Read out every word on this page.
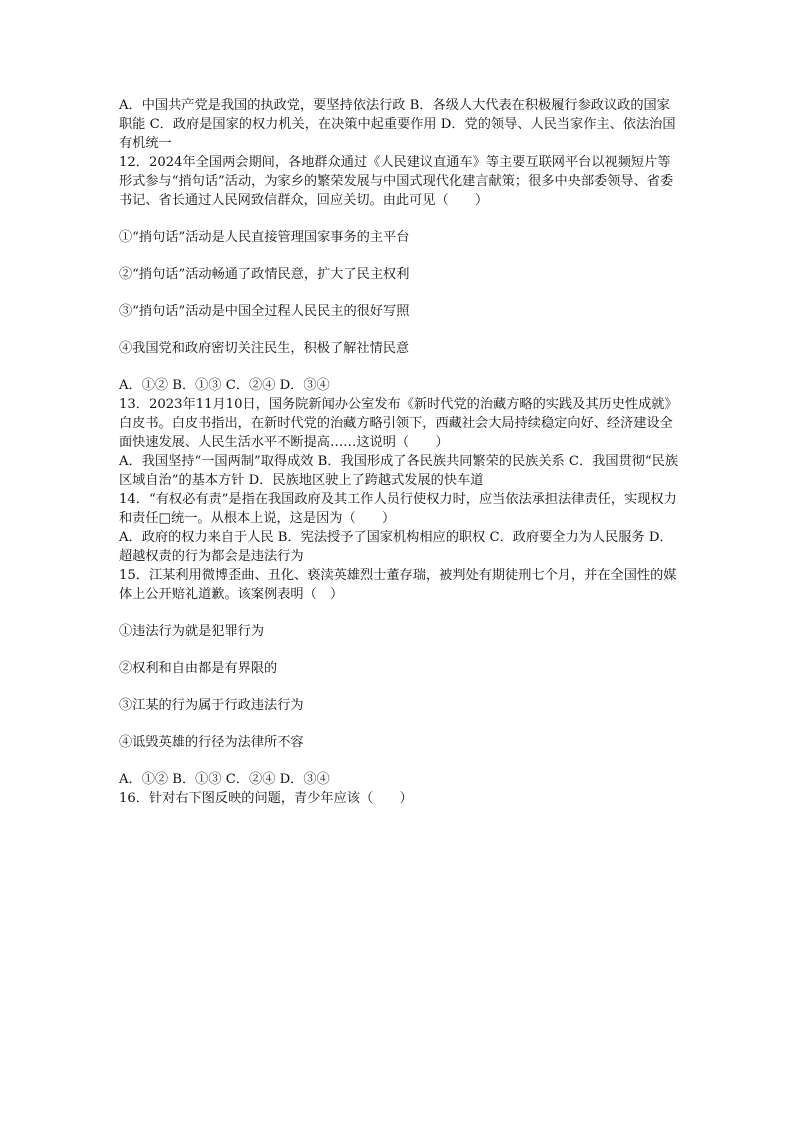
A．中国共产党是我国的执政党，要坚持依法行政 B．各级人大代表在积极履行参政议政的国家职能 C．政府是国家的权力机关，在决策中起重要作用 D．党的领导、人民当家作主、依法治国有机统一

12．2024年全国两会期间，各地群众通过《人民建议直通车》等主要互联网平台以视频短片等形式参与“捎句话”活动，为家乡的繁荣发展与中国式现代化建言献策；很多中央部委领导、省委书记、省长通过人民网致信群众，回应关切。由此可见（　　）

①“捎句话”活动是人民直接管理国家事务的主平台

②“捎句话”活动畅通了政情民意，扩大了民主权利

③“捎句话”活动是中国全过程人民民主的很好写照

④我国党和政府密切关注民生，积极了解社情民意

A．①② B．①③ C．②④ D．③④

13．2023年11月10日，国务院新闻办公室发布《新时代党的治藏方略的实践及其历史性成就》白皮书。白皮书指出，在新时代党的治藏方略引领下，西藏社会大局持续稳定向好、经济建设全面快速发展、人民生活水平不断提高……这说明（　　）

A．我国坚持“一国两制”取得成效 B．我国形成了各民族共同繁荣的民族关系 C．我国贯彻“民族区域自治”的基本方针 D．民族地区驶上了跨越式发展的快车道

14．“有权必有责”是指在我国政府及其工作人员行使权力时，应当依法承担法律责任，实现权力和责任□统一。从根本上说，这是因为（　　）

A．政府的权力来自于人民 B．宪法授予了国家机构相应的职权 C．政府要全力为人民服务 D．超越权责的行为都会是违法行为

15．江某利用微博歪曲、丑化、亵渎英雄烈士董存瑞，被判处有期徒刑七个月，并在全国性的媒体上公开赔礼道歉。该案例表明（　）

①违法行为就是犯罪行为

②权利和自由都是有界限的

③江某的行为属于行政违法行为

④诋毁英雄的行径为法律所不容

A．①② B．①③ C．②④ D．③④

16．针对右下图反映的问题，青少年应该（　　）
